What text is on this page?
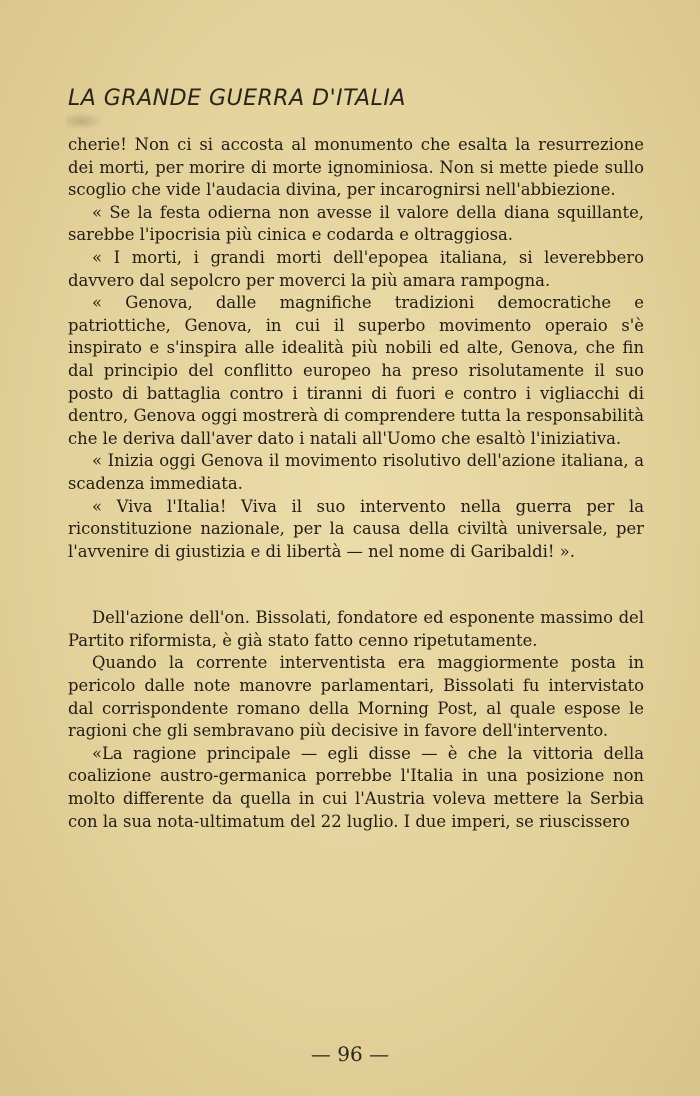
LA GRANDE GUERRA D'ITALIA

cherie! Non ci si accosta al monumento che esalta la resurrezione dei morti, per morire di morte ignominiosa. Non si mette piede sullo scoglio che vide l'audacia divina, per incarognirsi nell'abbiezione.

« Se la festa odierna non avesse il valore della diana squillante, sarebbe l'ipocrisia più cinica e codarda e oltraggiosa.

« I morti, i grandi morti dell'epopea italiana, si leverebbero davvero dal sepolcro per moverci la più amara rampogna.

« Genova, dalle magnifiche tradizioni democratiche e patriottiche, Genova, in cui il superbo movimento operaio s'è inspirato e s'inspira alle idealità più nobili ed alte, Genova, che fin dal principio del conflitto europeo ha preso risolutamente il suo posto di battaglia contro i tiranni di fuori e contro i vigliacchi di dentro, Genova oggi mostrerà di comprendere tutta la responsabilità che le deriva dall'aver dato i natali all'Uomo che esaltò l'iniziativa.

« Inizia oggi Genova il movimento risolutivo dell'azione italiana, a scadenza immediata.

« Viva l'Italia! Viva il suo intervento nella guerra per la riconstituzione nazionale, per la causa della civiltà universale, per l'avvenire di giustizia e di libertà — nel nome di Garibaldi! ».

Dell'azione dell'on. Bissolati, fondatore ed esponente massimo del Partito riformista, è già stato fatto cenno ripetutamente.

Quando la corrente interventista era maggiormente posta in pericolo dalle note manovre parlamentari, Bissolati fu intervistato dal corrispondente romano della Morning Post, al quale espose le ragioni che gli sembravano più decisive in favore dell'intervento.

«La ragione principale — egli disse — è che la vittoria della coalizione austro-germanica porrebbe l'Italia in una posizione non molto differente da quella in cui l'Austria voleva mettere la Serbia con la sua nota-ultimatum del 22 luglio. I due imperi, se riuscissero

— 96 —
